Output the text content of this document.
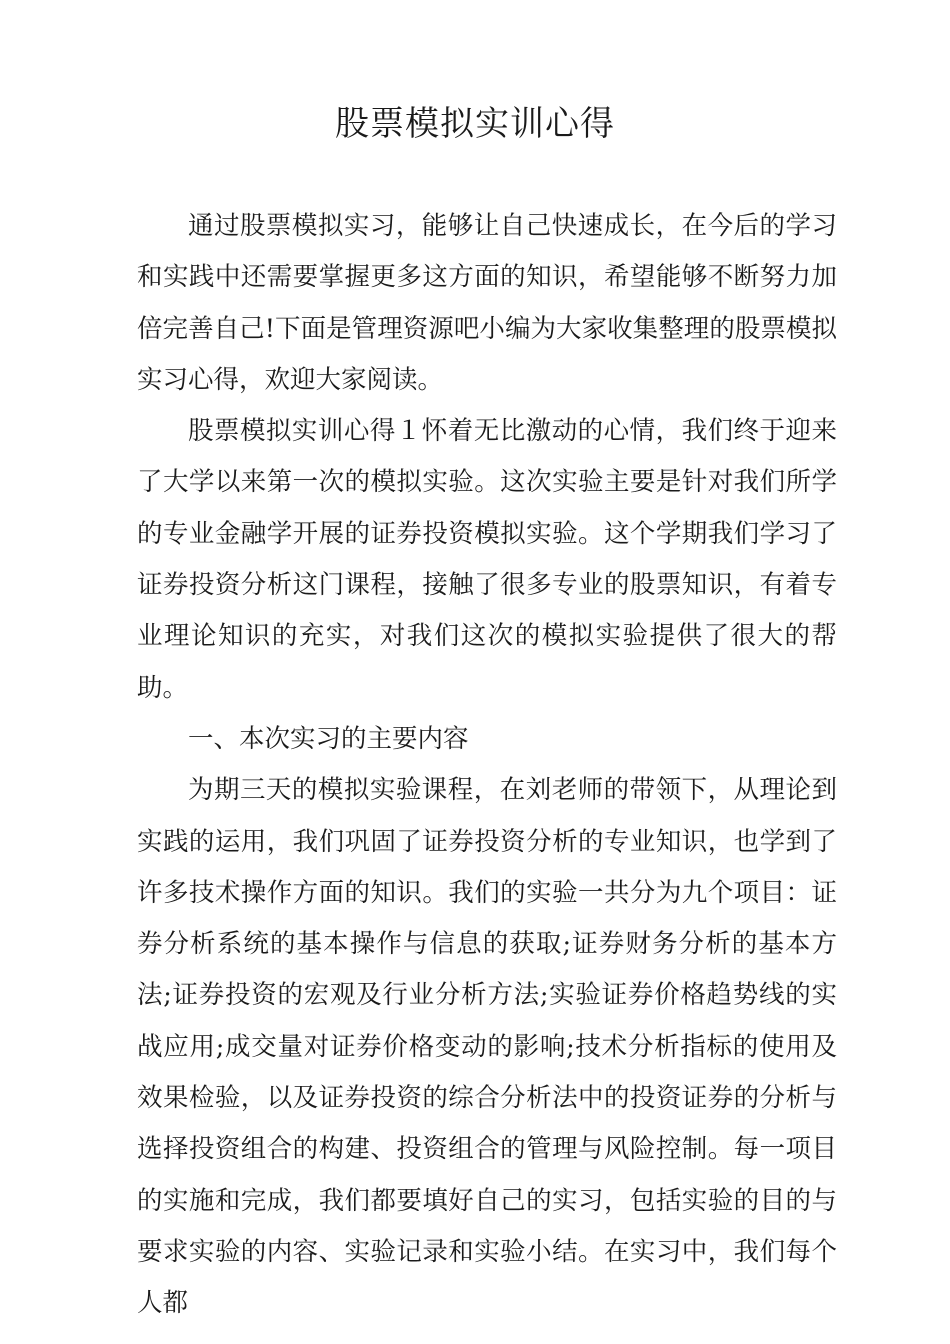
股票模拟实训心得

通过股票模拟实习，能够让自己快速成长，在今后的学习和实践中还需要掌握更多这方面的知识，希望能够不断努力加倍完善自己!下面是管理资源吧小编为大家收集整理的股票模拟实习心得，欢迎大家阅读。

股票模拟实训心得１怀着无比激动的心情，我们终于迎来了大学以来第一次的模拟实验。这次实验主要是针对我们所学的专业金融学开展的证券投资模拟实验。这个学期我们学习了证券投资分析这门课程，接触了很多专业的股票知识，有着专业理论知识的充实，对我们这次的模拟实验提供了很大的帮助。

一、本次实习的主要内容

为期三天的模拟实验课程，在刘老师的带领下，从理论到实践的运用，我们巩固了证券投资分析的专业知识，也学到了许多技术操作方面的知识。我们的实验一共分为九个项目：证券分析系统的基本操作与信息的获取;证券财务分析的基本方法;证券投资的宏观及行业分析方法;实验证券价格趋势线的实战应用;成交量对证券价格变动的影响;技术分析指标的使用及效果检验，以及证券投资的综合分析法中的投资证券的分析与选择投资组合的构建、投资组合的管理与风险控制。每一项目的实施和完成，我们都要填好自己的实习，包括实验的目的与要求实验的内容、实验记录和实验小结。在实习中，我们每个人都
